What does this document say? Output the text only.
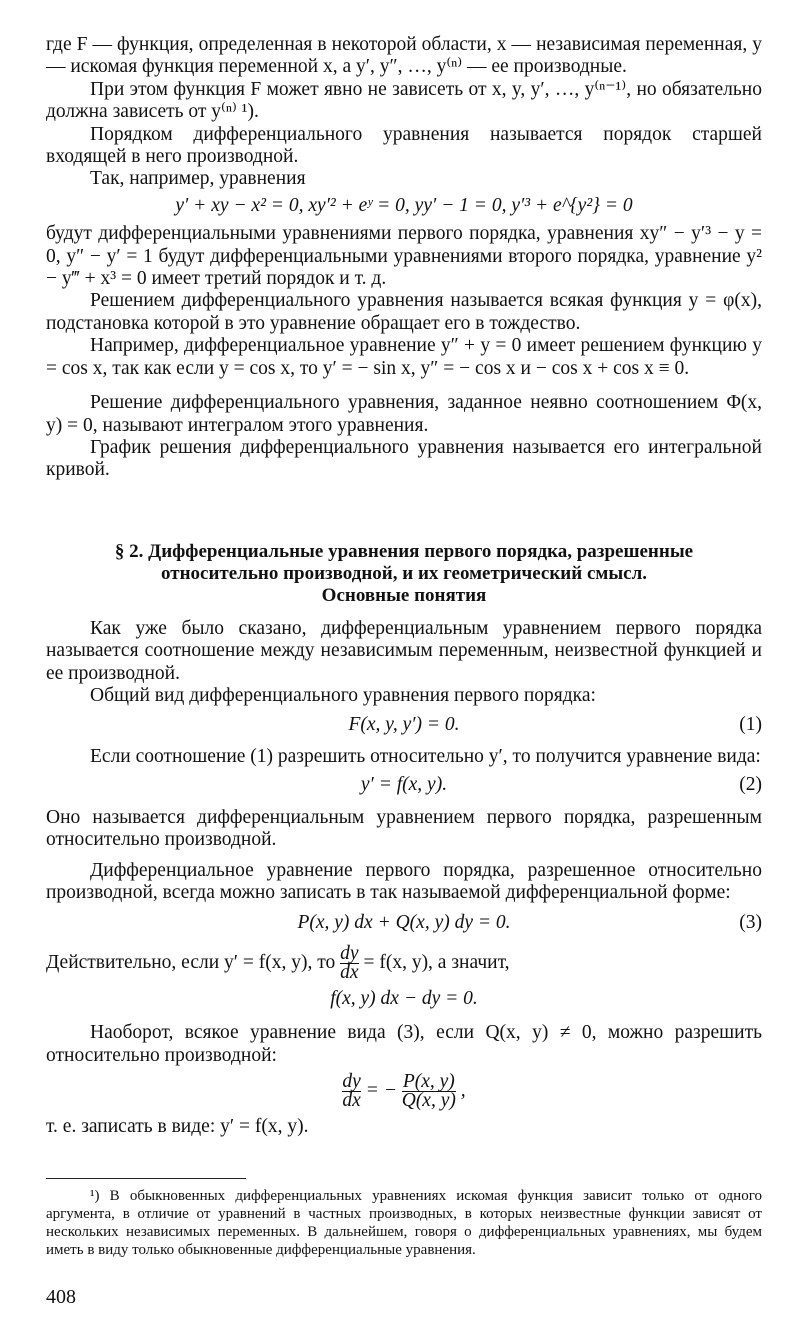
где F — функция, определенная в некоторой области, x — независимая переменная, y — искомая функция переменной x, а y′, y″, …, y⁽ⁿ⁾ — ее производные.

При этом функция F может явно не зависеть от x, y, y′, …, y⁽ⁿ⁻¹⁾, но обязательно должна зависеть от y⁽ⁿ⁾ ¹).

Порядком дифференциального уравнения называется порядок старшей входящей в него производной.

Так, например, уравнения

y′ + xy − x² = 0, xy′² + eʸ = 0, yy′ − 1 = 0, y′³ + e^{y²} = 0

будут дифференциальными уравнениями первого порядка, уравнения xy″ − y′³ − y = 0, y″ − y′ = 1 будут дифференциальными уравнениями второго порядка, уравнение y² − y‴ + x³ = 0 имеет третий порядок и т. д.

Решением дифференциального уравнения называется всякая функция y = φ(x), подстановка которой в это уравнение обращает его в тождество.

Например, дифференциальное уравнение y″ + y = 0 имеет решением функцию y = cos x, так как если y = cos x, то y′ = − sin x, y″ = − cos x и − cos x + cos x ≡ 0.

Решение дифференциального уравнения, заданное неявно соотношением Φ(x, y) = 0, называют интегралом этого уравнения.

График решения дифференциального уравнения называется его интегральной кривой.

§ 2. Дифференциальные уравнения первого порядка, разрешенные
относительно производной, и их геометрический смысл.
Основные понятия

Как уже было сказано, дифференциальным уравнением первого порядка называется соотношение между независимым переменным, неизвестной функцией и ее производной.

Общий вид дифференциального уравнения первого порядка:

F(x, y, y′) = 0.	(1)

Если соотношение (1) разрешить относительно y′, то получится уравнение вида:

y′ = f(x, y).	(2)

Оно называется дифференциальным уравнением первого порядка, разрешенным относительно производной.

Дифференциальное уравнение первого порядка, разрешенное относительно производной, всегда можно записать в так называемой дифференциальной форме:

P(x, y) dx + Q(x, y) dy = 0.	(3)

Действительно, если y′ = f(x, y), то $\frac{dy}{dx} = f(x$, y), а значит,

f(x, y) dx − dy = 0.

Наоборот, всякое уравнение вида (3), если Q(x, y) ≠ 0, можно разрешить относительно производной:

$\frac{dy}{dx}$ = − $\frac{P(x, y)}{Q(x, y)}$ ,

т. е. записать в виде: y′ = f(x, y).

¹) В обыкновенных дифференциальных уравнениях искомая функция зависит только от одного аргумента, в отличие от уравнений в частных производных, в которых неизвестные функции зависят от нескольких независимых переменных. В дальнейшем, говоря о дифференциальных уравнениях, мы будем иметь в виду только обыкновенные дифференциальные уравнения.

408
